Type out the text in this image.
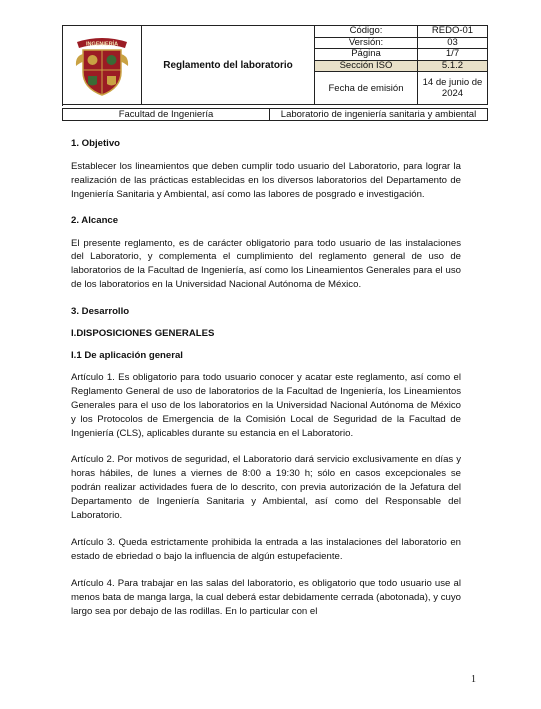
INGENIERÍA	Reglamento del laboratorio	Código:	REDO-01
		Versión:	03
		Página	1/7
		Sección ISO	5.1.2
		Fecha de emisión	14 de junio de 2024

Facultad de Ingeniería	Laboratorio de ingeniería sanitaria y ambiental

1. Objetivo

Establecer los lineamientos que deben cumplir todo usuario del Laboratorio, para lograr la realización de las prácticas establecidas en los diversos laboratorios del Departamento de Ingeniería Sanitaria y Ambiental, así como las labores de posgrado e investigación.

2. Alcance

El presente reglamento, es de carácter obligatorio para todo usuario de las instalaciones del Laboratorio, y complementa el cumplimiento del reglamento general de uso de laboratorios de la Facultad de Ingeniería, así como los Lineamientos Generales para el uso de los laboratorios en la Universidad Nacional Autónoma de México.

3. Desarrollo

I.DISPOSICIONES GENERALES

I.1 De aplicación general

Artículo 1. Es obligatorio para todo usuario conocer y acatar este reglamento, así como el Reglamento General de uso de laboratorios de la Facultad de Ingeniería, los Lineamientos Generales para el uso de los laboratorios en la Universidad Nacional Autónoma de México y los Protocolos de Emergencia de la Comisión Local de Seguridad de la Facultad de Ingeniería (CLS), aplicables durante su estancia en el Laboratorio.

Artículo 2. Por motivos de seguridad, el Laboratorio dará servicio exclusivamente en días y horas hábiles, de lunes a viernes de 8:00 a 19:30 h; sólo en casos excepcionales se podrán realizar actividades fuera de lo descrito, con previa autorización de la Jefatura del Departamento de Ingeniería Sanitaria y Ambiental, así como del Responsable del Laboratorio.

Artículo 3. Queda estrictamente prohibida la entrada a las instalaciones del laboratorio en estado de ebriedad o bajo la influencia de algún estupefaciente.

Artículo 4. Para trabajar en las salas del laboratorio, es obligatorio que todo usuario use al menos bata de manga larga, la cual deberá estar debidamente cerrada (abotonada), y cuyo largo sea por debajo de las rodillas. En lo particular con el

1
